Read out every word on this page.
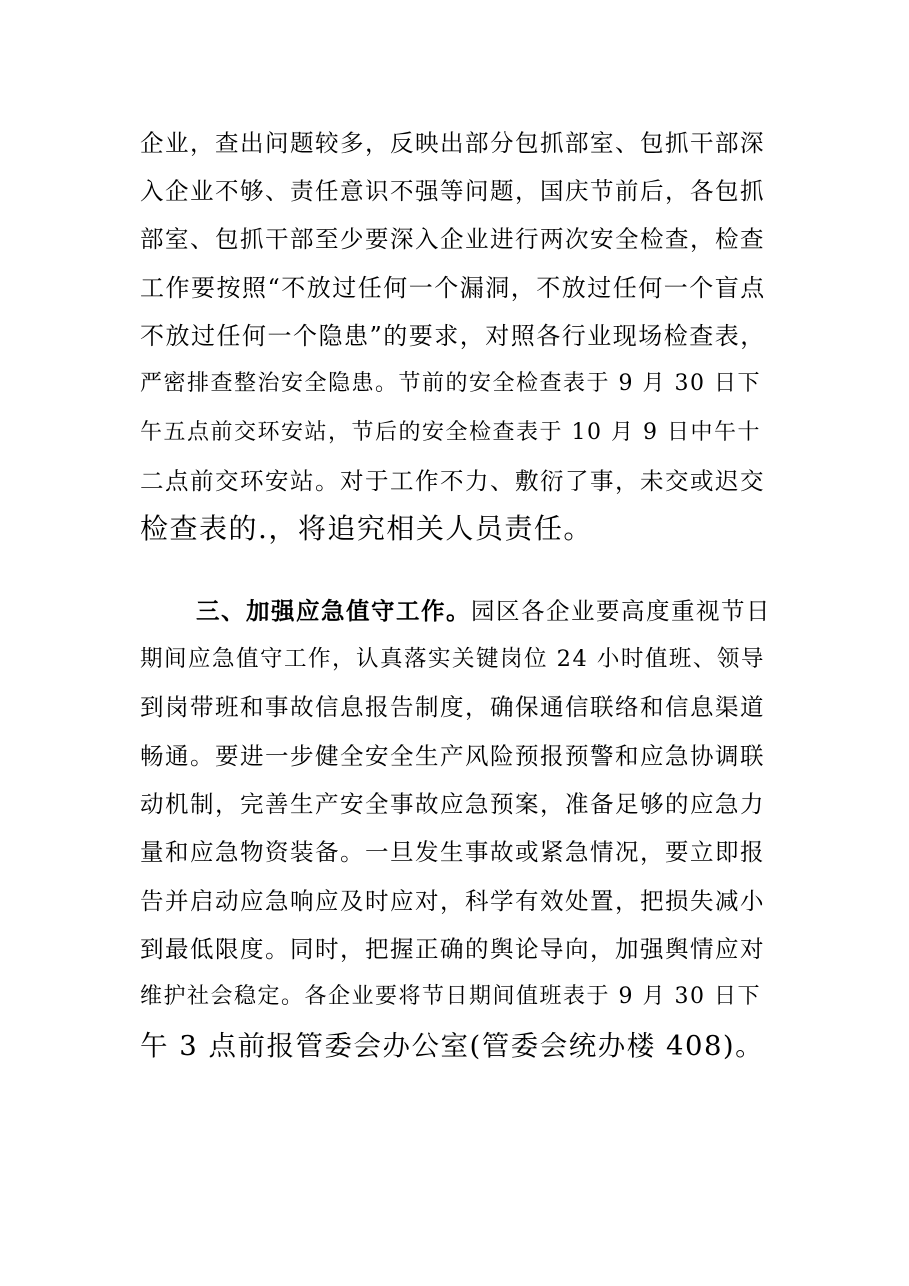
企业，查出问题较多，反映出部分包抓部室、包抓干部深
入企业不够、责任意识不强等问题，国庆节前后，各包抓
部室、包抓干部至少要深入企业进行两次安全检查，检查
工作要按照“不放过任何一个漏洞，不放过任何一个盲点
不放过任何一个隐患”的要求，对照各行业现场检查表，
严密排查整治安全隐患。节前的安全检查表于 9 月 30 日下
午五点前交环安站，节后的安全检查表于 10 月 9 日中午十
二点前交环安站。对于工作不力、敷衍了事，未交或迟交
检查表的.，将追究相关人员责任。
三、加强应急值守工作。园区各企业要高度重视节日
期间应急值守工作，认真落实关键岗位 24 小时值班、领导
到岗带班和事故信息报告制度，确保通信联络和信息渠道
畅通。要进一步健全安全生产风险预报预警和应急协调联
动机制，完善生产安全事故应急预案，准备足够的应急力
量和应急物资装备。一旦发生事故或紧急情况，要立即报
告并启动应急响应及时应对，科学有效处置，把损失减小
到最低限度。同时，把握正确的舆论导向，加强舆情应对
维护社会稳定。各企业要将节日期间值班表于 9 月 30 日下
午 3 点前报管委会办公室(管委会统办楼 408)。
